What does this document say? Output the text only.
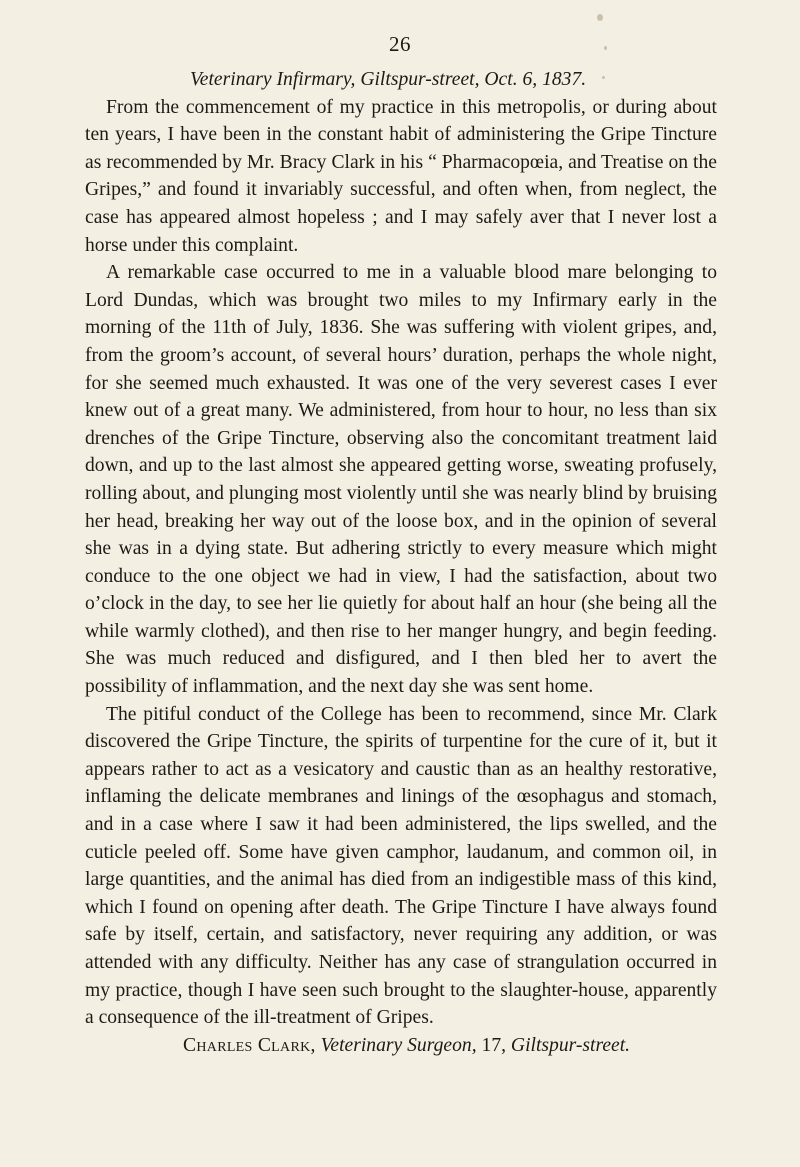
26

Veterinary Infirmary, Giltspur-street, Oct. 6, 1837.

From the commencement of my practice in this metropolis, or during about ten years, I have been in the constant habit of administering the Gripe Tincture as recommended by Mr. Bracy Clark in his “ Pharmacopœia, and Treatise on the Gripes,” and found it invariably successful, and often when, from neglect, the case has appeared almost hopeless ; and I may safely aver that I never lost a horse under this complaint.

A remarkable case occurred to me in a valuable blood mare belonging to Lord Dundas, which was brought two miles to my Infirmary early in the morning of the 11th of July, 1836. She was suffering with violent gripes, and, from the groom’s account, of several hours’ duration, perhaps the whole night, for she seemed much exhausted. It was one of the very severest cases I ever knew out of a great many. We administered, from hour to hour, no less than six drenches of the Gripe Tincture, observing also the concomitant treatment laid down, and up to the last almost she appeared getting worse, sweating profusely, rolling about, and plunging most violently until she was nearly blind by bruising her head, breaking her way out of the loose box, and in the opinion of several she was in a dying state. But adhering strictly to every measure which might conduce to the one object we had in view, I had the satisfaction, about two o’clock in the day, to see her lie quietly for about half an hour (she being all the while warmly clothed), and then rise to her manger hungry, and begin feeding. She was much reduced and disfigured, and I then bled her to avert the possibility of inflammation, and the next day she was sent home.

The pitiful conduct of the College has been to recommend, since Mr. Clark discovered the Gripe Tincture, the spirits of turpentine for the cure of it, but it appears rather to act as a vesicatory and caustic than as an healthy restorative, inflaming the delicate membranes and linings of the œsophagus and stomach, and in a case where I saw it had been administered, the lips swelled, and the cuticle peeled off. Some have given camphor, laudanum, and common oil, in large quantities, and the animal has died from an indigestible mass of this kind, which I found on opening after death. The Gripe Tincture I have always found safe by itself, certain, and satisfactory, never requiring any addition, or was attended with any difficulty. Neither has any case of strangulation occurred in my practice, though I have seen such brought to the slaughter-house, apparently a consequence of the ill-treatment of Gripes.

Charles Clark, Veterinary Surgeon, 17, Giltspur-street.
